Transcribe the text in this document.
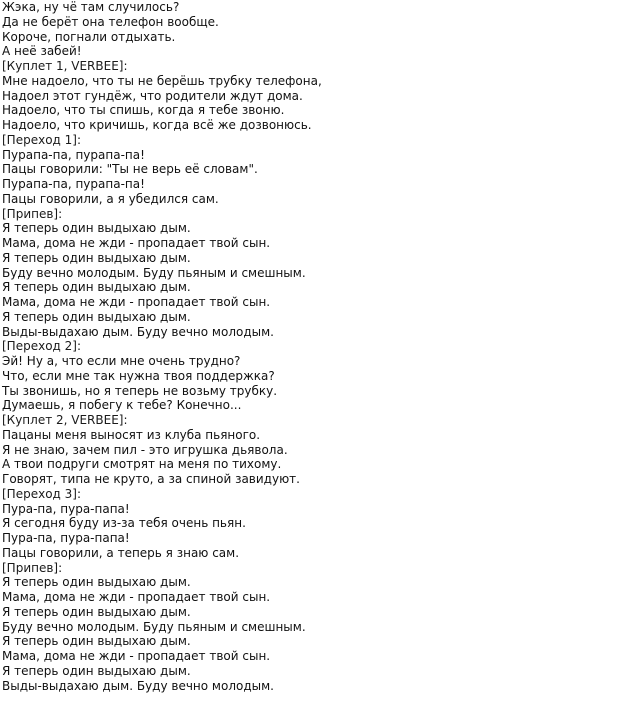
Жэка, ну чё там случилось?
Да не берёт она телефон вообще.
Короче, погнали отдыхать.
А неё забей!
[Куплет 1, VERBEE]:
Мне надоело, что ты не берёшь трубку телефона,
Надоел этот гундёж, что родители ждут дома.
Надоело, что ты спишь, когда я тебе звоню.
Надоело, что кричишь, когда всё же дозвонюсь.
[Переход 1]:
Пурапа-па, пурапа-па!
Пацы говорили: "Ты не верь её словам".
Пурапа-па, пурапа-па!
Пацы говорили, а я убедился сам.
[Припев]:
Я теперь один выдыхаю дым.
Мама, дома не жди - пропадает твой сын.
Я теперь один выдыхаю дым.
Буду вечно молодым. Буду пьяным и смешным.
Я теперь один выдыхаю дым.
Мама, дома не жди - пропадает твой сын.
Я теперь один выдыхаю дым.
Выды-выдахаю дым. Буду вечно молодым.
[Переход 2]:
Эй! Ну а, что если мне очень трудно?
Что, если мне так нужна твоя поддержка?
Ты звонишь, но я теперь не возьму трубку.
Думаешь, я побегу к тебе? Конечно...
[Куплет 2, VERBEE]:
Пацаны меня выносят из клуба пьяного.
Я не знаю, зачем пил - это игрушка дьявола.
А твои подруги смотрят на меня по тихому.
Говорят, типа не круто, а за спиной завидуют.
[Переход 3]:
Пура-па, пура-папа!
Я сегодня буду из-за тебя очень пьян.
Пура-па, пура-папа!
Пацы говорили, а теперь я знаю сам.
[Припев]:
Я теперь один выдыхаю дым.
Мама, дома не жди - пропадает твой сын.
Я теперь один выдыхаю дым.
Буду вечно молодым. Буду пьяным и смешным.
Я теперь один выдыхаю дым.
Мама, дома не жди - пропадает твой сын.
Я теперь один выдыхаю дым.
Выды-выдахаю дым. Буду вечно молодым.
